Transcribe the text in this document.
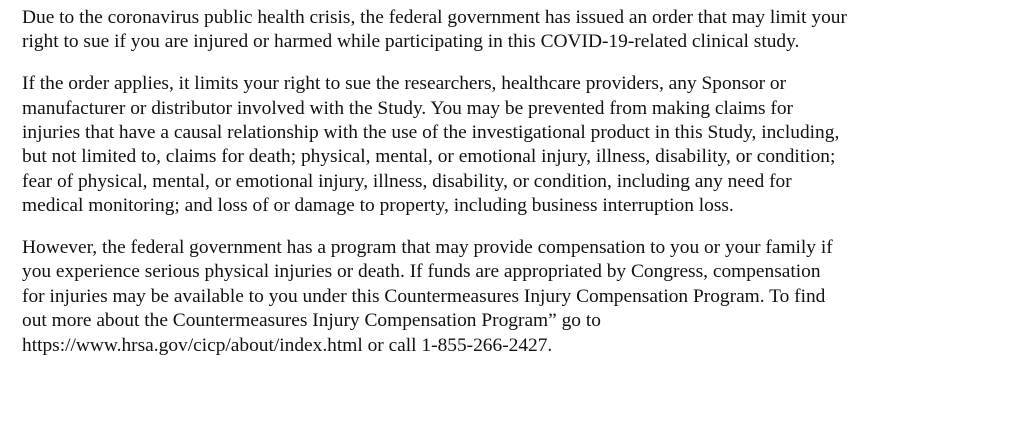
Due to the coronavirus public health crisis, the federal government has issued an order that may limit your
right to sue if you are injured or harmed while participating in this COVID-19-related clinical study.

If the order applies, it limits your right to sue the researchers, healthcare providers, any Sponsor or
manufacturer or distributor involved with the Study. You may be prevented from making claims for
injuries that have a causal relationship with the use of the investigational product in this Study, including,
but not limited to, claims for death; physical, mental, or emotional injury, illness, disability, or condition;
fear of physical, mental, or emotional injury, illness, disability, or condition, including any need for
medical monitoring; and loss of or damage to property, including business interruption loss.

However, the federal government has a program that may provide compensation to you or your family if
you experience serious physical injuries or death. If funds are appropriated by Congress, compensation
for injuries may be available to you under this Countermeasures Injury Compensation Program. To find
out more about the Countermeasures Injury Compensation Program” go to
https://www.hrsa.gov/cicp/about/index.html or call 1-855-266-2427.
